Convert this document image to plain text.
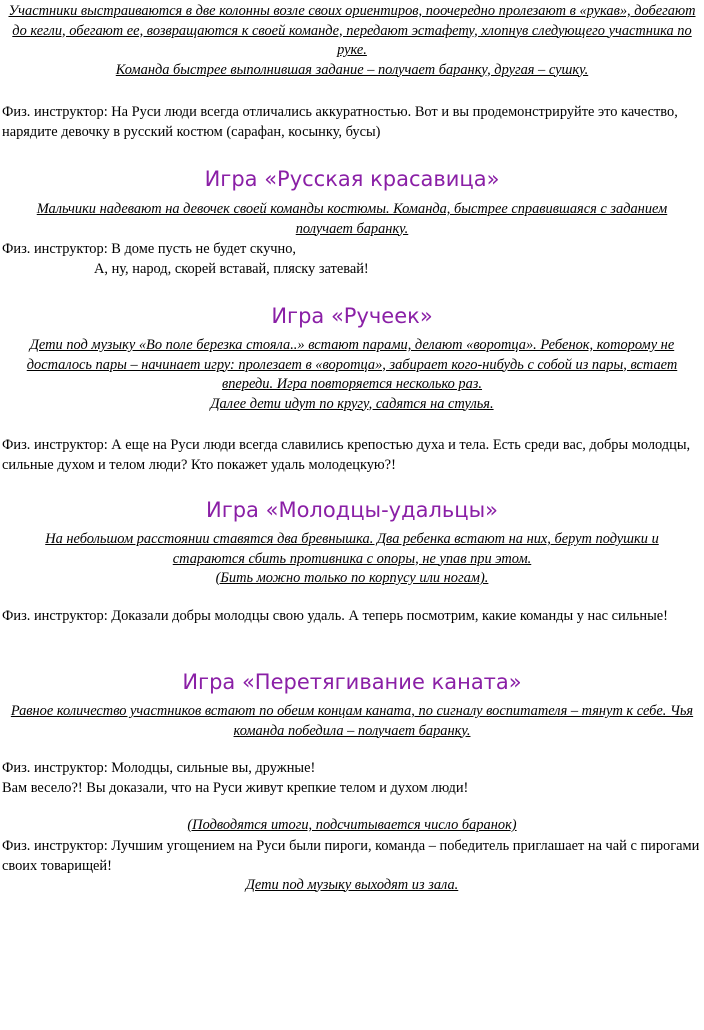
Участники выстраиваются в две колонны возле своих ориентиров, поочередно пролезают в «рукав», добегают до кегли, обегают ее, возвращаются к своей команде, передают эстафету, хлопнув следующего участника по руке.

Команда быстрее выполнившая задание – получает баранку, другая – сушку.

Физ. инструктор: На Руси люди всегда отличались аккуратностью. Вот и вы продемонстрируйте это качество, нарядите девочку в русский костюм (сарафан, косынку, бусы)

Игра «Русская красавица»

Мальчики надевают на девочек своей команды костюмы. Команда, быстрее справившаяся с заданием получает баранку.

Физ. инструктор: В доме пусть не будет скучно,

А, ну, народ, скорей вставай, пляску затевай!

Игра «Ручеек»

Дети под музыку «Во поле березка стояла..» встают парами, делают «воротца». Ребенок, которому не досталось пары – начинает игру: пролезает в «воротца», забирает кого-нибудь с собой из пары, встает впереди. Игра повторяется несколько раз.

Далее дети идут по кругу, садятся на стулья.

Физ. инструктор: А еще на Руси люди всегда славились крепостью духа и тела. Есть среди вас, добры молодцы, сильные духом и телом люди? Кто покажет удаль молодецкую?!

Игра «Молодцы-удальцы»

На небольшом расстоянии ставятся два бревнышка. Два ребенка встают на них, берут подушки и стараются сбить противника с опоры, не упав при этом.

(Бить можно только по корпусу или ногам).

Физ. инструктор: Доказали добры молодцы свою удаль. А теперь посмотрим, какие команды у нас сильные!

Игра «Перетягивание каната»

Равное количество участников встают по обеим концам каната, по сигналу воспитателя – тянут к себе. Чья команда победила – получает баранку.

Физ. инструктор: Молодцы, сильные вы, дружные!

Вам весело?! Вы доказали, что на Руси живут крепкие телом и духом люди!

(Подводятся итоги, подсчитывается число баранок)

Физ. инструктор: Лучшим угощением на Руси были пироги, команда – победитель приглашает на чай с пирогами своих товарищей!

Дети под музыку выходят из зала.
